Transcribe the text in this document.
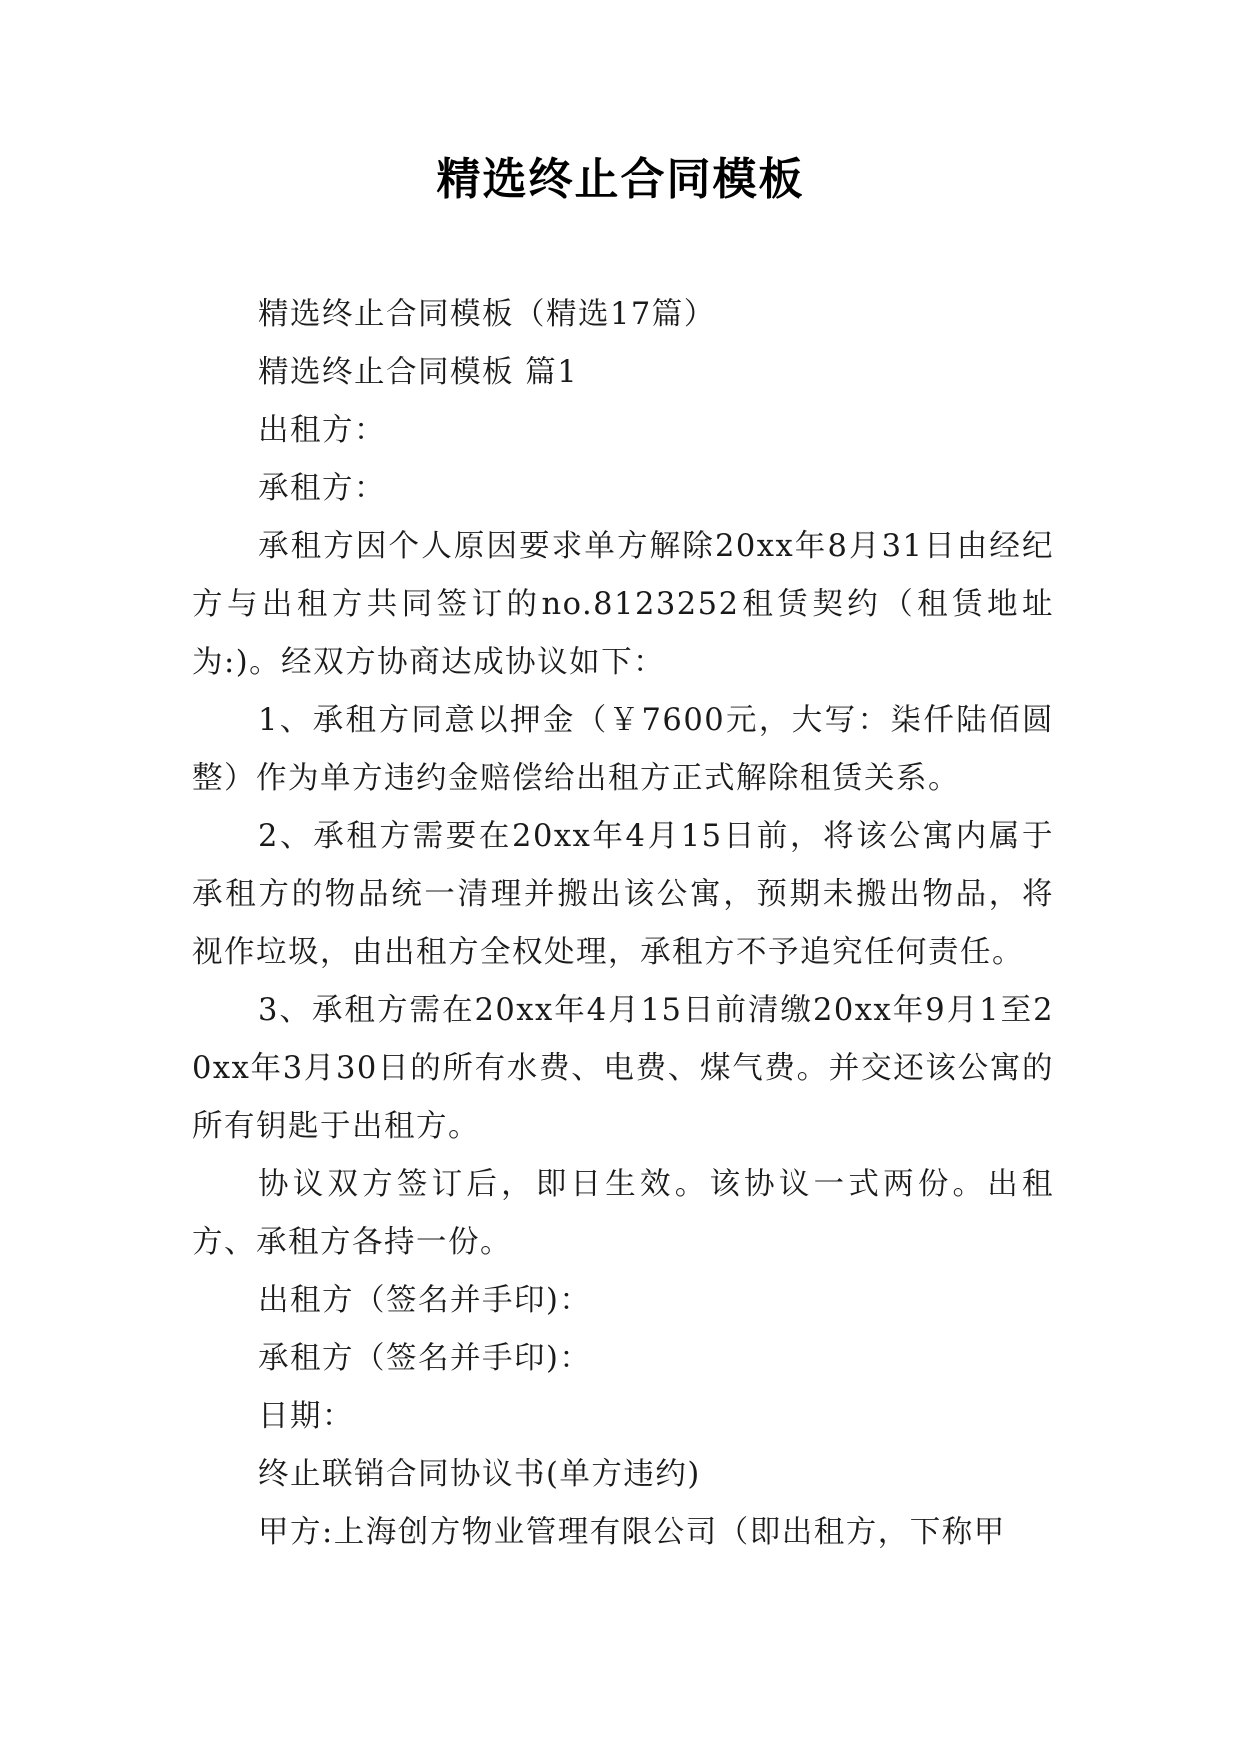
精选终止合同模板

精选终止合同模板（精选17篇）

精选终止合同模板 篇1

出租方：

承租方：

承租方因个人原因要求单方解除20xx年8月31日由经纪方与出租方共同签订的no.8123252租赁契约（租赁地址为:)。经双方协商达成协议如下：

1、承租方同意以押金（￥7600元，大写：柒仟陆佰圆整）作为单方违约金赔偿给出租方正式解除租赁关系。

2、承租方需要在20xx年4月15日前，将该公寓内属于承租方的物品统一清理并搬出该公寓，预期未搬出物品，将视作垃圾，由出租方全权处理，承租方不予追究任何责任。

3、承租方需在20xx年4月15日前清缴20xx年9月1至20xx年3月30日的所有水费、电费、煤气费。并交还该公寓的所有钥匙于出租方。

协议双方签订后，即日生效。该协议一式两份。出租方、承租方各持一份。

出租方（签名并手印)：

承租方（签名并手印)：

日期：

终止联销合同协议书(单方违约)

甲方:上海创方物业管理有限公司（即出租方，下称甲
